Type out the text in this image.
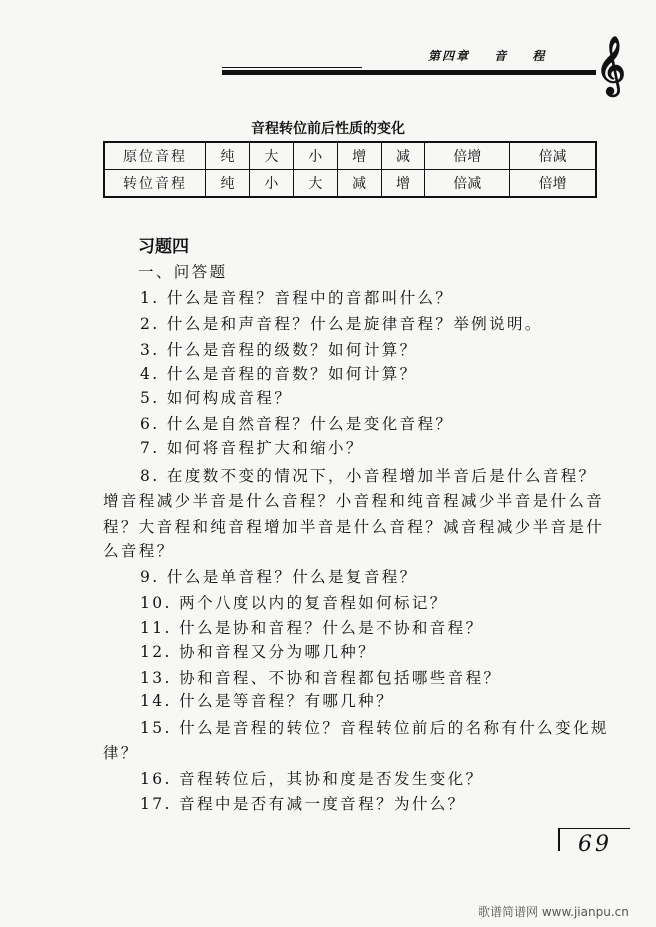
第四章 音 程 𝄞
音程转位前后性质的变化
原位音程	纯	大	小	增	减	倍增	倍减
转位音程	纯	小	大	减	增	倍减	倍增
习题四
一、问答题
1. 什么是音程？音程中的音都叫什么？
2. 什么是和声音程？什么是旋律音程？举例说明。
3. 什么是音程的级数？如何计算？
4. 什么是音程的音数？如何计算？
5. 如何构成音程？
6. 什么是自然音程？什么是变化音程？
7. 如何将音程扩大和缩小？
8. 在度数不变的情况下，小音程增加半音后是什么音程？
增音程减少半音是什么音程？小音程和纯音程减少半音是什么音
程？大音程和纯音程增加半音是什么音程？减音程减少半音是什
么音程？
9. 什么是单音程？什么是复音程？
10. 两个八度以内的复音程如何标记？
11. 什么是协和音程？什么是不协和音程？
12. 协和音程又分为哪几种？
13. 协和音程、不协和音程都包括哪些音程？
14. 什么是等音程？有哪几种？
15. 什么是音程的转位？音程转位前后的名称有什么变化规
律？
16. 音程转位后，其协和度是否发生变化？
17. 音程中是否有减一度音程？为什么？
69
歌谱简谱网 www.jianpu.cn
